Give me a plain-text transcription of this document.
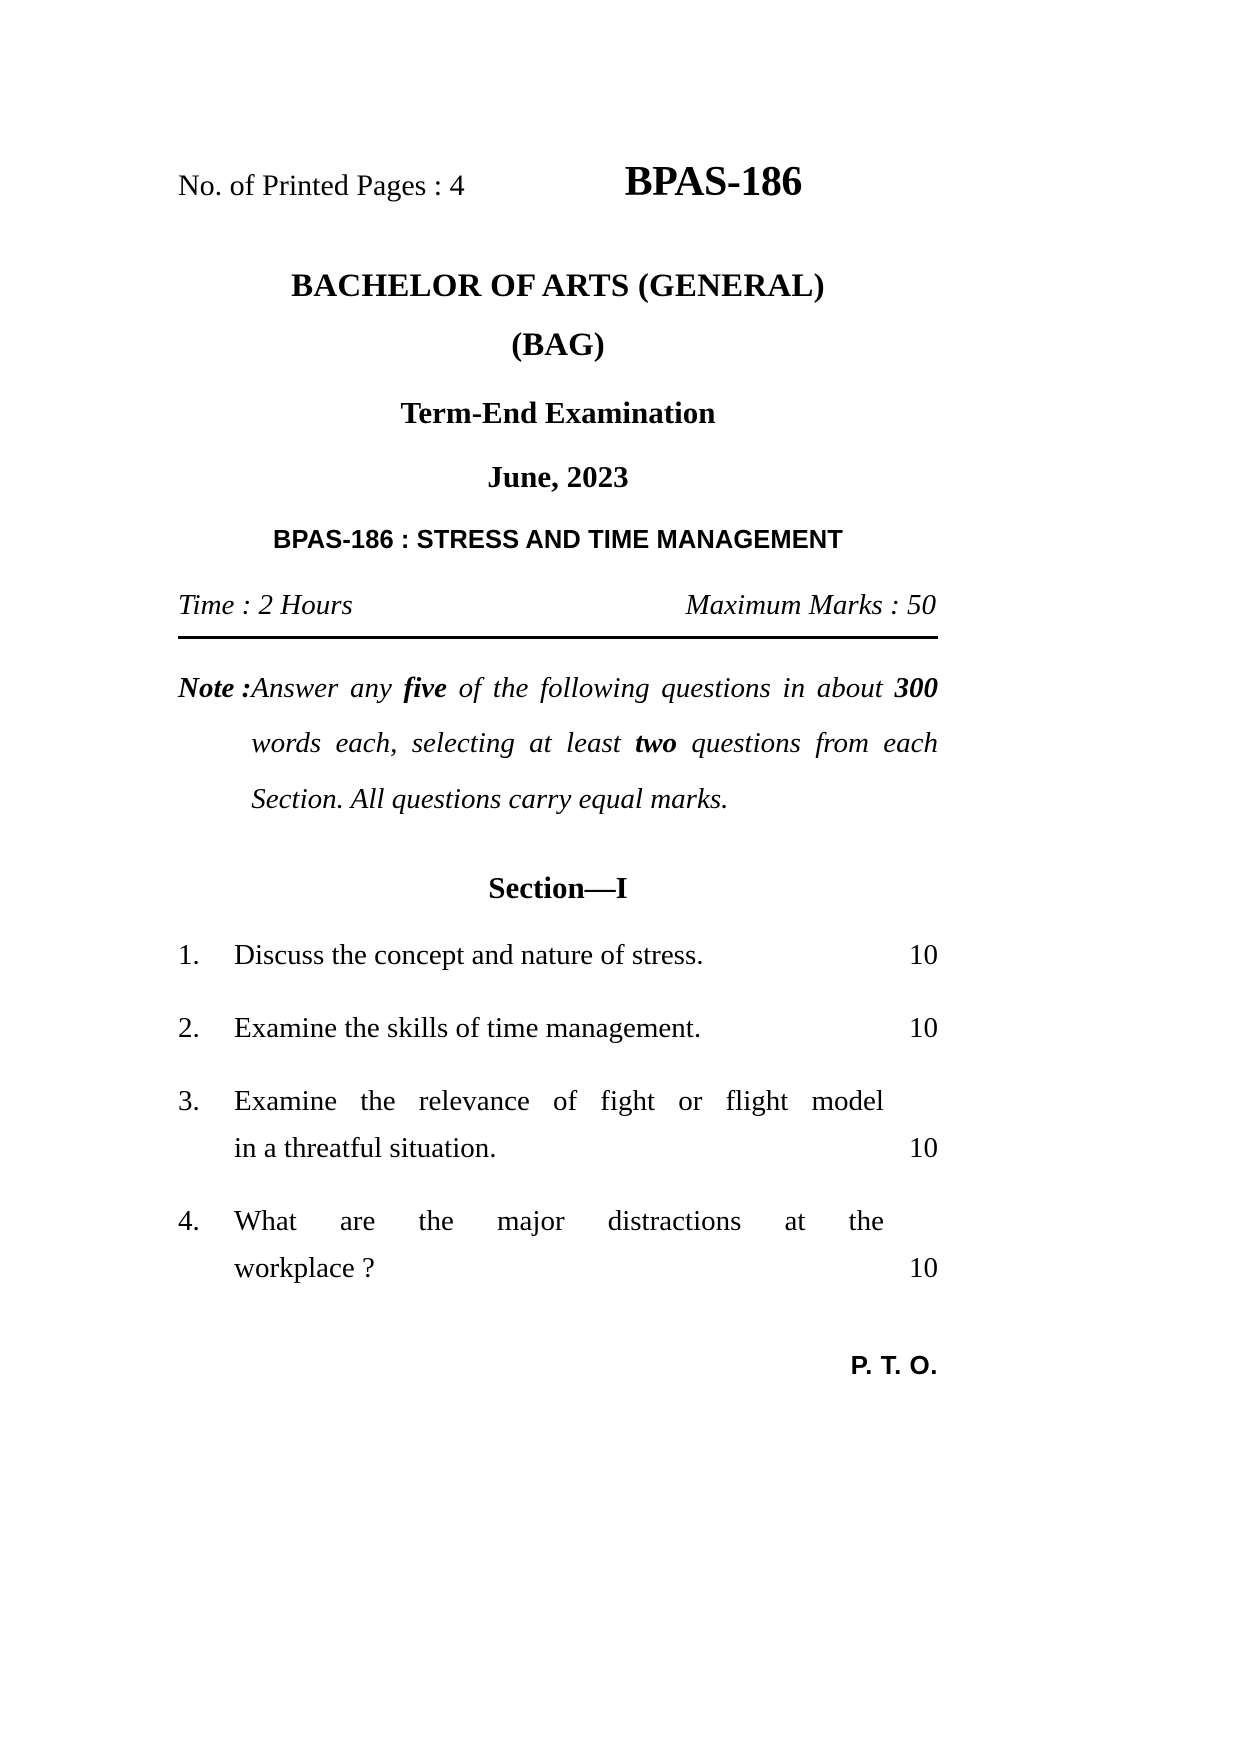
No. of Printed Pages : 4	BPAS-186
BACHELOR OF ARTS (GENERAL)
(BAG)
Term-End Examination
June, 2023
BPAS-186 : STRESS AND TIME MANAGEMENT
Time : 2 Hours	Maximum Marks : 50
Note : Answer any five of the following questions in about 300 words each, selecting at least two questions from each Section. All questions carry equal marks.
Section—I
1.	Discuss the concept and nature of stress.	10
2.	Examine the skills of time management.	10
3.	Examine the relevance of fight or flight model
in a threatful situation.	10
4.	What are the major distractions at the
workplace ?	10
P. T. O.
